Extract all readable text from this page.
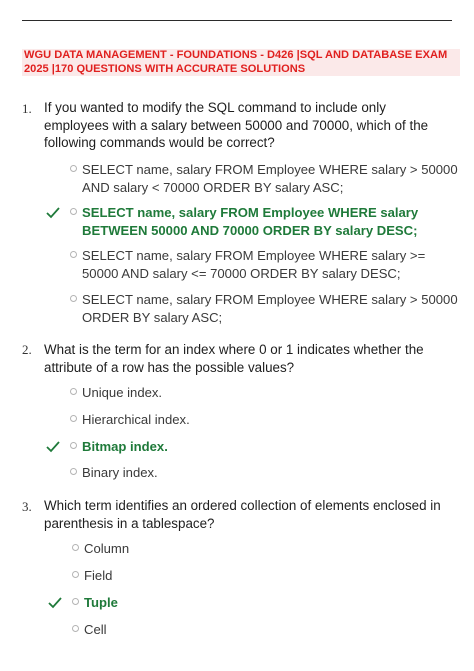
WGU DATA MANAGEMENT - FOUNDATIONS - D426 |SQL AND DATABASE EXAM 2025 |170 QUESTIONS WITH ACCURATE SOLUTIONS
1. If you wanted to modify the SQL command to include only employees with a salary between 50000 and 70000, which of the following commands would be correct?
SELECT name, salary FROM Employee WHERE salary > 50000 AND salary < 70000 ORDER BY salary ASC;
SELECT name, salary FROM Employee WHERE salary BETWEEN 50000 AND 70000 ORDER BY salary DESC;
SELECT name, salary FROM Employee WHERE salary >= 50000 AND salary <= 70000 ORDER BY salary DESC;
SELECT name, salary FROM Employee WHERE salary > 50000 ORDER BY salary ASC;
2. What is the term for an index where 0 or 1 indicates whether the attribute of a row has the possible values?
Unique index.
Hierarchical index.
Bitmap index.
Binary index.
3. Which term identifies an ordered collection of elements enclosed in parenthesis in a tablespace?
Column
Field
Tuple
Cell
